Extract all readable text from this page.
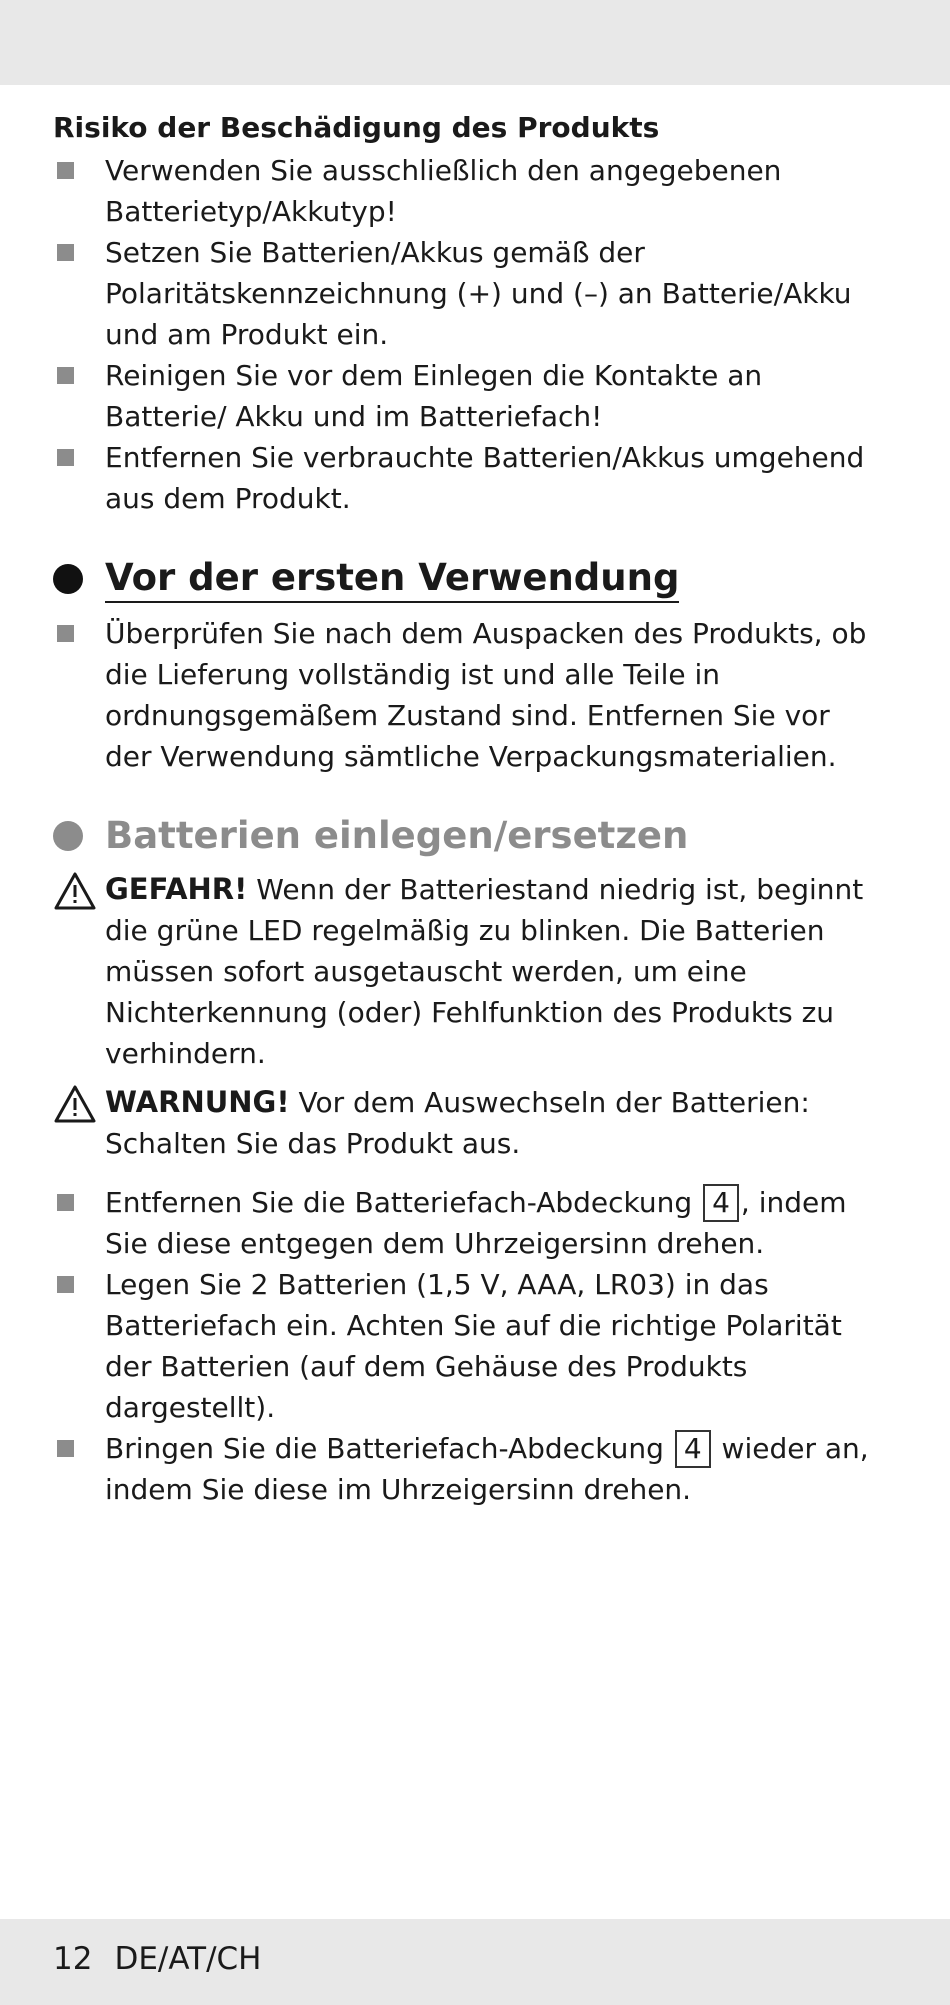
Risiko der Beschädigung des Produkts
Verwenden Sie ausschließlich den angegebenen Batterietyp/Akkutyp!
Setzen Sie Batterien/Akkus gemäß der Polaritätskennzeichnung (+) und (–) an Batterie/Akku und am Produkt ein.
Reinigen Sie vor dem Einlegen die Kontakte an Batterie/ Akku und im Batteriefach!
Entfernen Sie verbrauchte Batterien/Akkus umgehend aus dem Produkt.
Vor der ersten Verwendung
Überprüfen Sie nach dem Auspacken des Produkts, ob die Lieferung vollständig ist und alle Teile in ordnungsgemäßem Zustand sind. Entfernen Sie vor der Verwendung sämtliche Verpackungsmaterialien.
Batterien einlegen/ersetzen
GEFAHR! Wenn der Batteriestand niedrig ist, beginnt die grüne LED regelmäßig zu blinken. Die Batterien müssen sofort ausgetauscht werden, um eine Nichterkennung (oder) Fehlfunktion des Produkts zu verhindern.
WARNUNG! Vor dem Auswechseln der Batterien: Schalten Sie das Produkt aus.
Entfernen Sie die Batteriefach-Abdeckung 4 , indem Sie diese entgegen dem Uhrzeigersinn drehen.
Legen Sie 2 Batterien (1,5 V, AAA, LR03) in das Batteriefach ein. Achten Sie auf die richtige Polarität der Batterien (auf dem Gehäuse des Produkts dargestellt).
Bringen Sie die Batteriefach-Abdeckung 4 wieder an, indem Sie diese im Uhrzeigersinn drehen.
12 DE/AT/CH
